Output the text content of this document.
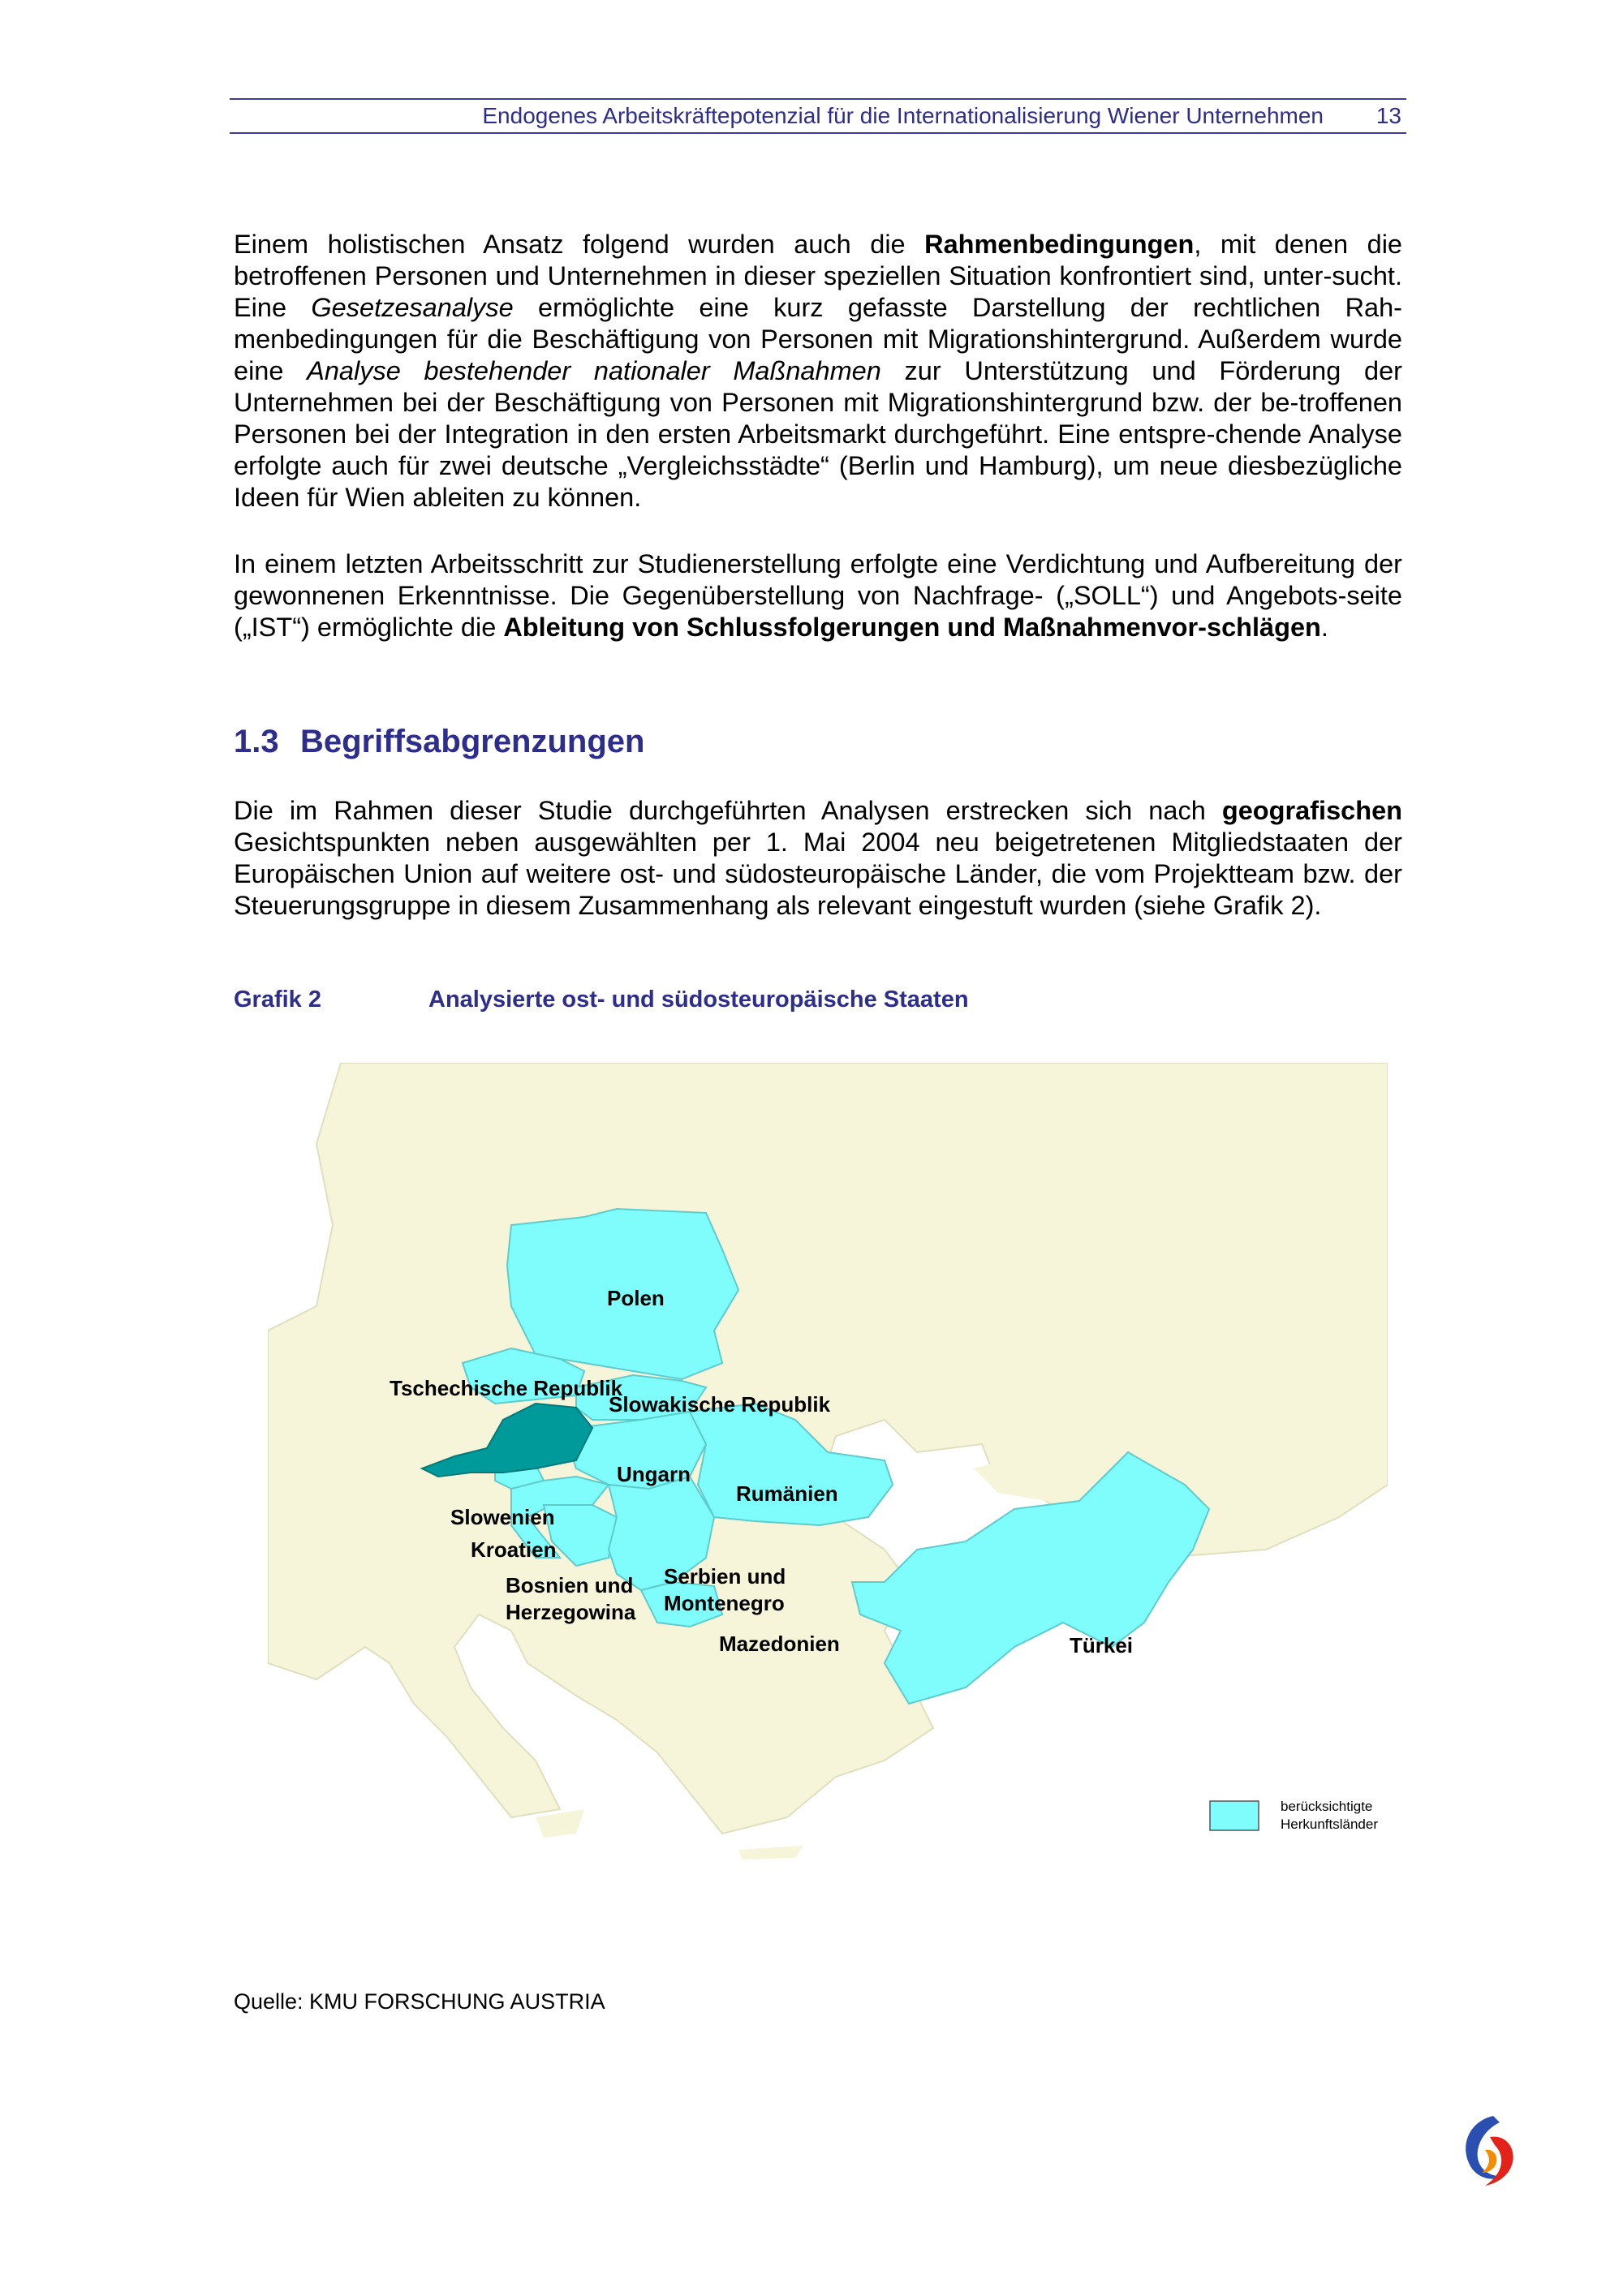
Endogenes Arbeitskräftepotenzial für die Internationalisierung Wiener Unternehmen 13

Einem holistischen Ansatz folgend wurden auch die Rahmenbedingungen, mit denen die betroffenen Personen und Unternehmen in dieser speziellen Situation konfrontiert sind, unter-sucht. Eine Gesetzesanalyse ermöglichte eine kurz gefasste Darstellung der rechtlichen Rah-menbedingungen für die Beschäftigung von Personen mit Migrationshintergrund. Außerdem wurde eine Analyse bestehender nationaler Maßnahmen zur Unterstützung und Förderung der Unternehmen bei der Beschäftigung von Personen mit Migrationshintergrund bzw. der be-troffenen Personen bei der Integration in den ersten Arbeitsmarkt durchgeführt. Eine entspre-chende Analyse erfolgte auch für zwei deutsche „Vergleichsstädte“ (Berlin und Hamburg), um neue diesbezügliche Ideen für Wien ableiten zu können.

In einem letzten Arbeitsschritt zur Studienerstellung erfolgte eine Verdichtung und Aufbereitung der gewonnenen Erkenntnisse. Die Gegenüberstellung von Nachfrage- („SOLL“) und Angebots-seite („IST“) ermöglichte die Ableitung von Schlussfolgerungen und Maßnahmenvor-schlägen.

1.3 Begriffsabgrenzungen

Die im Rahmen dieser Studie durchgeführten Analysen erstrecken sich nach geografischen Gesichtspunkten neben ausgewählten per 1. Mai 2004 neu beigetretenen Mitgliedstaaten der Europäischen Union auf weitere ost- und südosteuropäische Länder, die vom Projektteam bzw. der Steuerungsgruppe in diesem Zusammenhang als relevant eingestuft wurden (siehe Grafik 2).

Grafik 2	Analysierte ost- und südosteuropäische Staaten
Polen
Tschechische Republik
Slowakische Republik
Ungarn
Rumänien
Slowenien
Kroatien
Bosnien und
Herzegowina
Serbien und
Montenegro
Mazedonien	Türkei
berücksichtigte
Herkunftsländer
Quelle: KMU FORSCHUNG AUSTRIA
